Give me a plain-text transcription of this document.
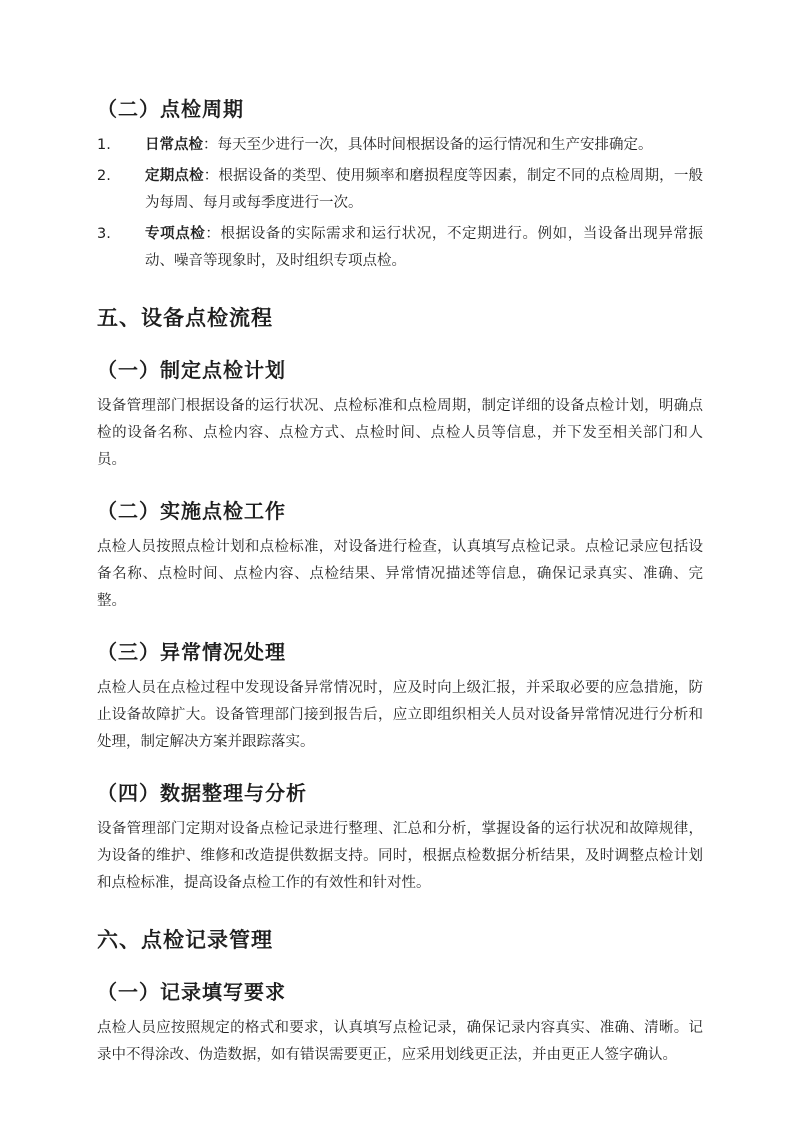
（二）点检周期
1. 日常点检：每天至少进行一次，具体时间根据设备的运行情况和生产安排确定。
2. 定期点检：根据设备的类型、使用频率和磨损程度等因素，制定不同的点检周期，一般为每周、每月或每季度进行一次。
3. 专项点检：根据设备的实际需求和运行状况，不定期进行。例如，当设备出现异常振动、噪音等现象时，及时组织专项点检。
五、设备点检流程
（一）制定点检计划

设备管理部门根据设备的运行状况、点检标准和点检周期，制定详细的设备点检计划，明确点检的设备名称、点检内容、点检方式、点检时间、点检人员等信息，并下发至相关部门和人员。

（二）实施点检工作

点检人员按照点检计划和点检标准，对设备进行检查，认真填写点检记录。点检记录应包括设备名称、点检时间、点检内容、点检结果、异常情况描述等信息，确保记录真实、准确、完整。

（三）异常情况处理

点检人员在点检过程中发现设备异常情况时，应及时向上级汇报，并采取必要的应急措施，防止设备故障扩大。设备管理部门接到报告后，应立即组织相关人员对设备异常情况进行分析和处理，制定解决方案并跟踪落实。

（四）数据整理与分析

设备管理部门定期对设备点检记录进行整理、汇总和分析，掌握设备的运行状况和故障规律，为设备的维护、维修和改造提供数据支持。同时，根据点检数据分析结果，及时调整点检计划和点检标准，提高设备点检工作的有效性和针对性。

六、点检记录管理
（一）记录填写要求

点检人员应按照规定的格式和要求，认真填写点检记录，确保记录内容真实、准确、清晰。记录中不得涂改、伪造数据，如有错误需要更正，应采用划线更正法，并由更正人签字确认。
